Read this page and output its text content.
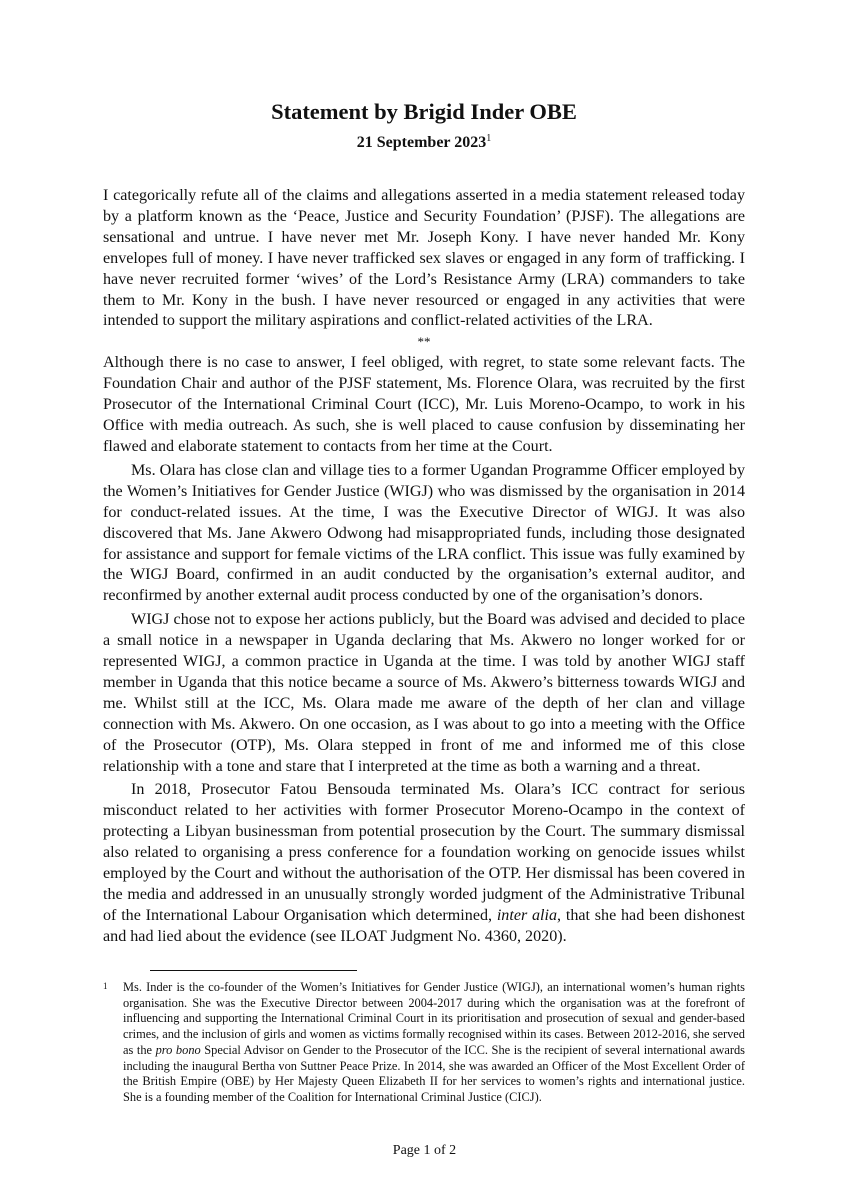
Statement by Brigid Inder OBE
21 September 2023$^1$

I categorically refute all of the claims and allegations asserted in a media statement released today by a platform known as the ‘Peace, Justice and Security Foundation’ (PJSF). The allegations are sensational and untrue. I have never met Mr. Joseph Kony. I have never handed Mr. Kony envelopes full of money. I have never trafficked sex slaves or engaged in any form of trafficking. I have never recruited former ‘wives’ of the Lord’s Resistance Army (LRA) commanders to take them to Mr. Kony in the bush. I have never resourced or engaged in any activities that were intended to support the military aspirations and conflict-related activities of the LRA.

**

Although there is no case to answer, I feel obliged, with regret, to state some relevant facts. The Foundation Chair and author of the PJSF statement, Ms. Florence Olara, was recruited by the first Prosecutor of the International Criminal Court (ICC), Mr. Luis Moreno-Ocampo, to work in his Office with media outreach. As such, she is well placed to cause confusion by disseminating her flawed and elaborate statement to contacts from her time at the Court.

Ms. Olara has close clan and village ties to a former Ugandan Programme Officer employed by the Women’s Initiatives for Gender Justice (WIGJ) who was dismissed by the organisation in 2014 for conduct-related issues. At the time, I was the Executive Director of WIGJ. It was also discovered that Ms. Jane Akwero Odwong had misappropriated funds, including those designated for assistance and support for female victims of the LRA conflict. This issue was fully examined by the WIGJ Board, confirmed in an audit conducted by the organisation’s external auditor, and reconfirmed by another external audit process conducted by one of the organisation’s donors.

WIGJ chose not to expose her actions publicly, but the Board was advised and decided to place a small notice in a newspaper in Uganda declaring that Ms. Akwero no longer worked for or represented WIGJ, a common practice in Uganda at the time. I was told by another WIGJ staff member in Uganda that this notice became a source of Ms. Akwero’s bitterness towards WIGJ and me. Whilst still at the ICC, Ms. Olara made me aware of the depth of her clan and village connection with Ms. Akwero. On one occasion, as I was about to go into a meeting with the Office of the Prosecutor (OTP), Ms. Olara stepped in front of me and informed me of this close relationship with a tone and stare that I interpreted at the time as both a warning and a threat.

In 2018, Prosecutor Fatou Bensouda terminated Ms. Olara’s ICC contract for serious misconduct related to her activities with former Prosecutor Moreno-Ocampo in the context of protecting a Libyan businessman from potential prosecution by the Court. The summary dismissal also related to organising a press conference for a foundation working on genocide issues whilst employed by the Court and without the authorisation of the OTP. Her dismissal has been covered in the media and addressed in an unusually strongly worded judgment of the Administrative Tribunal of the International Labour Organisation which determined, inter alia, that she had been dishonest and had lied about the evidence (see ILOAT Judgment No. 4360, 2020).

1 Ms. Inder is the co-founder of the Women’s Initiatives for Gender Justice (WIGJ), an international women’s human rights organisation. She was the Executive Director between 2004-2017 during which the organisation was at the forefront of influencing and supporting the International Criminal Court in its prioritisation and prosecution of sexual and gender-based crimes, and the inclusion of girls and women as victims formally recognised within its cases. Between 2012-2016, she served as the pro bono Special Advisor on Gender to the Prosecutor of the ICC. She is the recipient of several international awards including the inaugural Bertha von Suttner Peace Prize. In 2014, she was awarded an Officer of the Most Excellent Order of the British Empire (OBE) by Her Majesty Queen Elizabeth II for her services to women’s rights and international justice. She is a founding member of the Coalition for International Criminal Justice (CICJ).
Page 1 of 2
